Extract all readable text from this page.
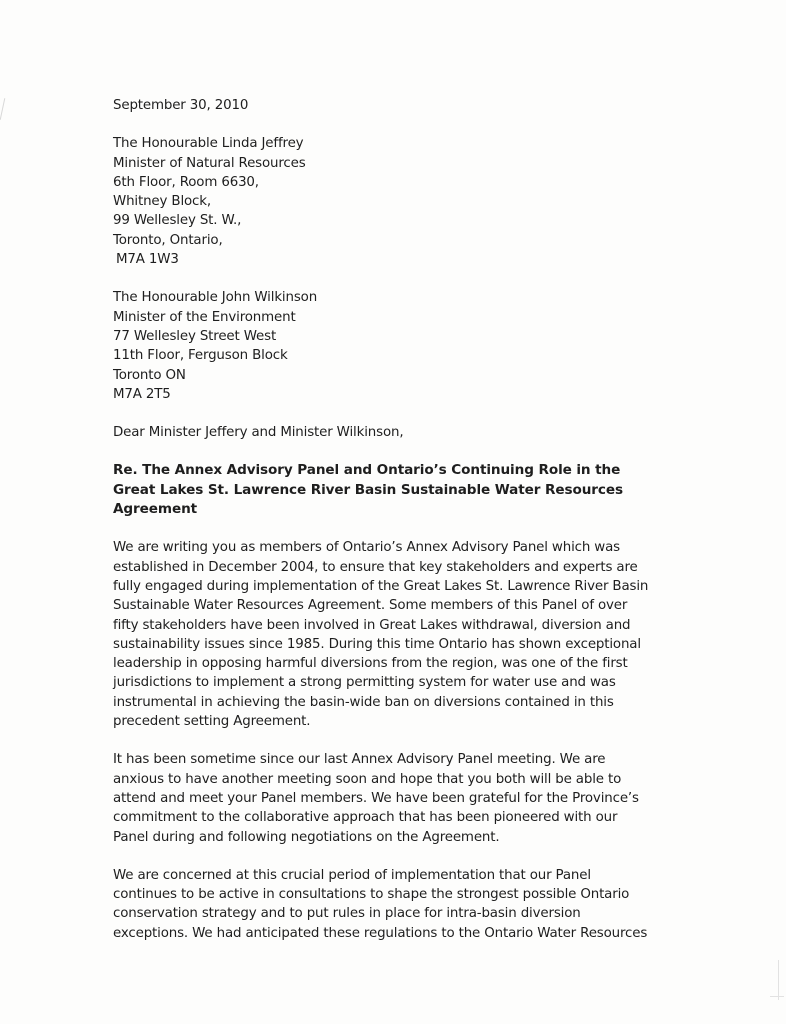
September 30, 2010
The Honourable Linda Jeffrey
Minister of Natural Resources
6th Floor, Room 6630,
Whitney Block,
99 Wellesley St. W.,
Toronto, Ontario,
M7A 1W3
The Honourable John Wilkinson
Minister of the Environment
77 Wellesley Street West
11th Floor, Ferguson Block
Toronto ON
M7A 2T5
Dear Minister Jeffery and Minister Wilkinson,
Re. The Annex Advisory Panel and Ontario’s Continuing Role in the
Great Lakes St. Lawrence River Basin Sustainable Water Resources
Agreement
We are writing you as members of Ontario’s Annex Advisory Panel which was
established in December 2004, to ensure that key stakeholders and experts are
fully engaged during implementation of the Great Lakes St. Lawrence River Basin
Sustainable Water Resources Agreement. Some members of this Panel of over
fifty stakeholders have been involved in Great Lakes withdrawal, diversion and
sustainability issues since 1985. During this time Ontario has shown exceptional
leadership in opposing harmful diversions from the region, was one of the first
jurisdictions to implement a strong permitting system for water use and was
instrumental in achieving the basin-wide ban on diversions contained in this
precedent setting Agreement.
It has been sometime since our last Annex Advisory Panel meeting. We are
anxious to have another meeting soon and hope that you both will be able to
attend and meet your Panel members. We have been grateful for the Province’s
commitment to the collaborative approach that has been pioneered with our
Panel during and following negotiations on the Agreement.
We are concerned at this crucial period of implementation that our Panel
continues to be active in consultations to shape the strongest possible Ontario
conservation strategy and to put rules in place for intra-basin diversion
exceptions. We had anticipated these regulations to the Ontario Water Resources
